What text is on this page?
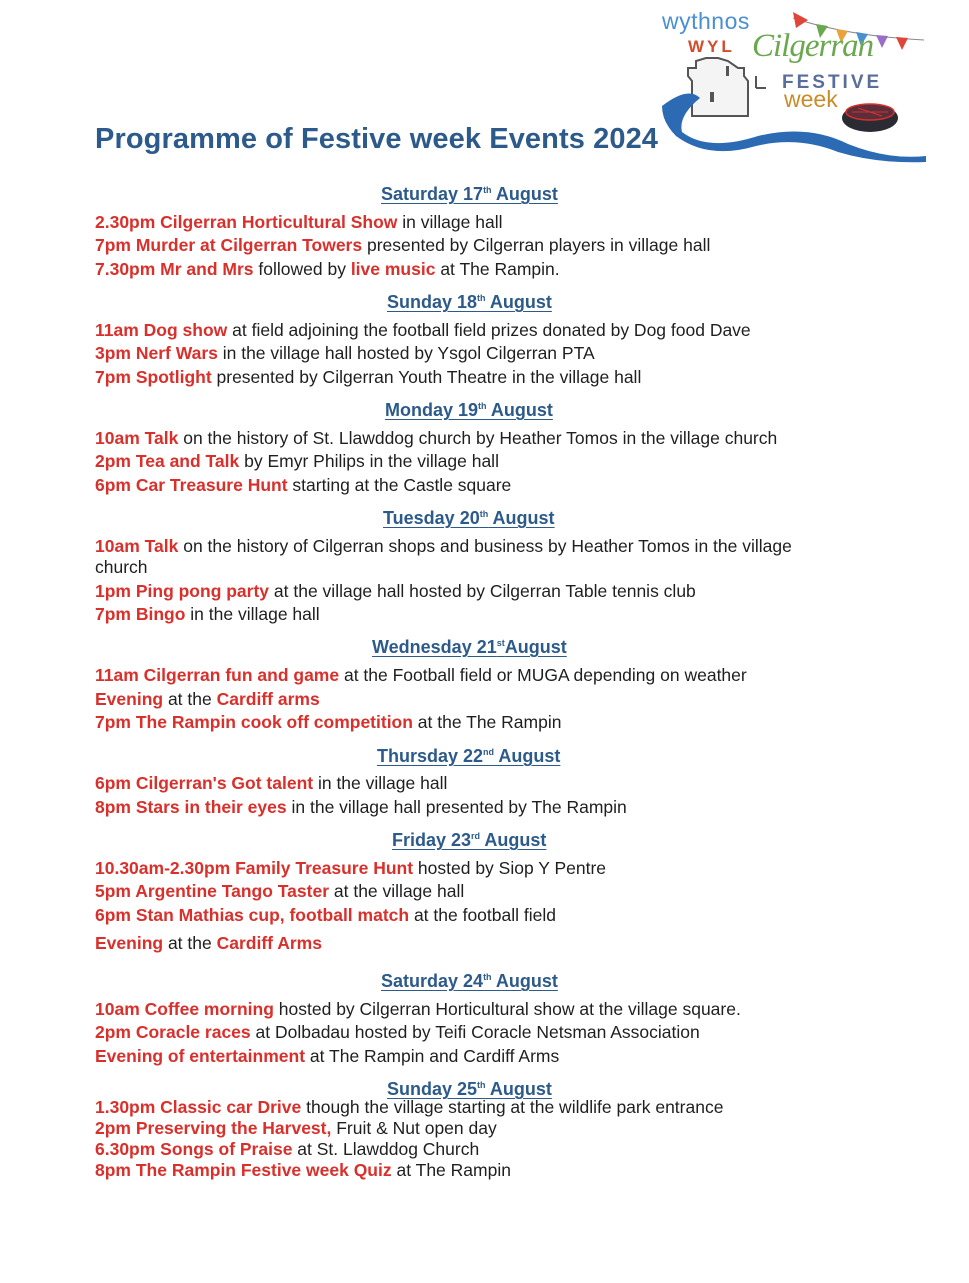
wythnos
WYL Cilgerran
FESTIVE
week
Programme of Festive week Events 2024
2.30pm Cilgerran Horticultural Show in village hall
7pm Murder at Cilgerran Towers presented by Cilgerran players in village hall
7.30pm Mr and Mrs followed by live music at The Rampin.
11am Dog show at field adjoining the football field prizes donated by Dog food Dave
3pm Nerf Wars in the village hall hosted by Ysgol Cilgerran PTA
7pm Spotlight presented by Cilgerran Youth Theatre in the village hall
10am Talk on the history of St. Llawddog church by Heather Tomos in the village church
2pm Tea and Talk by Emyr Philips in the village hall
6pm Car Treasure Hunt starting at the Castle square
10am Talk on the history of Cilgerran shops and business by Heather Tomos in the village church
1pm Ping pong party at the village hall hosted by Cilgerran Table tennis club
7pm Bingo in the village hall
11am Cilgerran fun and game at the Football field or MUGA depending on weather
Evening at the Cardiff arms
7pm The Rampin cook off competition at the The Rampin
6pm Cilgerran's Got talent in the village hall
8pm Stars in their eyes in the village hall presented by The Rampin
10.30am-2.30pm Family Treasure Hunt hosted by Siop Y Pentre
5pm Argentine Tango Taster at the village hall
6pm Stan Mathias cup, football match at the football field
Evening at the Cardiff Arms
10am Coffee morning hosted by Cilgerran Horticultural show at the village square.
2pm Coracle races at Dolbadau hosted by Teifi Coracle Netsman Association
Evening of entertainment at The Rampin and Cardiff Arms
1.30pm Classic car Drive though the village starting at the wildlife park entrance
2pm Preserving the Harvest, Fruit & Nut open day
6.30pm Songs of Praise at St. Llawddog Church
8pm The Rampin Festive week Quiz at The Rampin
Saturday 17th August
Sunday 18th August
Monday 19th August
Tuesday 20th August
Wednesday 21stAugust
Thursday 22nd August
Friday 23rd August
Saturday 24th August
Sunday 25th August
